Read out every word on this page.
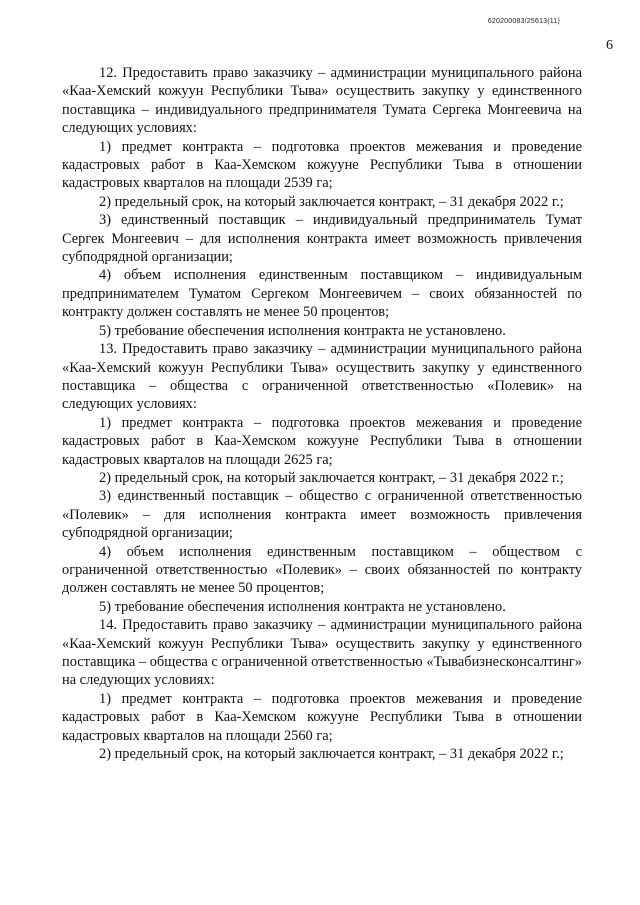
620200083/25613(11)
6

12. Предоставить право заказчику – администрации муниципального района «Каа-Хемский кожуун Республики Тыва» осуществить закупку у единственного поставщика – индивидуального предпринимателя Тумата Сергека Монгеевича на следующих условиях:

1) предмет контракта – подготовка проектов межевания и проведение кадастровых работ в Каа-Хемском кожууне Республики Тыва в отношении кадастровых кварталов на площади 2539 га;

2) предельный срок, на который заключается контракт, – 31 декабря 2022 г.;

3) единственный поставщик – индивидуальный предприниматель Тумат Сергек Монгеевич – для исполнения контракта имеет возможность привлечения субподрядной организации;

4) объем исполнения единственным поставщиком – индивидуальным предпринимателем Туматом Сергеком Монгеевичем – своих обязанностей по контракту должен составлять не менее 50 процентов;

5) требование обеспечения исполнения контракта не установлено.

13. Предоставить право заказчику – администрации муниципального района «Каа-Хемский кожуун Республики Тыва» осуществить закупку у единственного поставщика – общества с ограниченной ответственностью «Полевик» на следующих условиях:

1) предмет контракта – подготовка проектов межевания и проведение кадастровых работ в Каа-Хемском кожууне Республики Тыва в отношении кадастровых кварталов на площади 2625 га;

2) предельный срок, на который заключается контракт, – 31 декабря 2022 г.;

3) единственный поставщик – общество с ограниченной ответственностью «Полевик» – для исполнения контракта имеет возможность привлечения субподрядной организации;

4) объем исполнения единственным поставщиком – обществом с ограниченной ответственностью «Полевик» – своих обязанностей по контракту должен составлять не менее 50 процентов;

5) требование обеспечения исполнения контракта не установлено.

14. Предоставить право заказчику – администрации муниципального района «Каа-Хемский кожуун Республики Тыва» осуществить закупку у единственного поставщика – общества с ограниченной ответственностью «Тывабизнесконсалтинг» на следующих условиях:

1) предмет контракта – подготовка проектов межевания и проведение кадастровых работ в Каа-Хемском кожууне Республики Тыва в отношении кадастровых кварталов на площади 2560 га;

2) предельный срок, на который заключается контракт, – 31 декабря 2022 г.;
